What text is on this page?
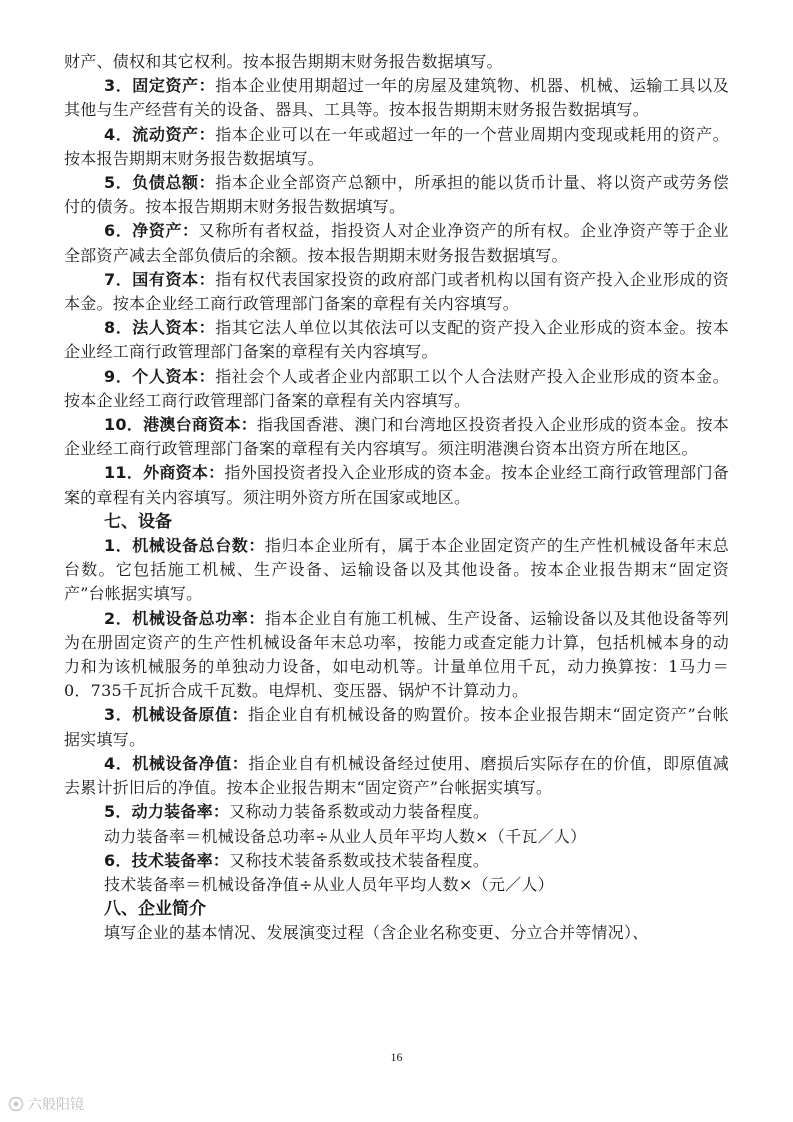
财产、债权和其它权利。按本报告期期末财务报告数据填写。

3．固定资产：指本企业使用期超过一年的房屋及建筑物、机器、机械、运输工具以及其他与生产经营有关的设备、器具、工具等。按本报告期期末财务报告数据填写。

4．流动资产：指本企业可以在一年或超过一年的一个营业周期内变现或耗用的资产。按本报告期期末财务报告数据填写。

5．负债总额：指本企业全部资产总额中，所承担的能以货币计量、将以资产或劳务偿付的债务。按本报告期期末财务报告数据填写。

6．净资产：又称所有者权益，指投资人对企业净资产的所有权。企业净资产等于企业全部资产减去全部负债后的余额。按本报告期期末财务报告数据填写。

7．国有资本：指有权代表国家投资的政府部门或者机构以国有资产投入企业形成的资本金。按本企业经工商行政管理部门备案的章程有关内容填写。

8．法人资本：指其它法人单位以其依法可以支配的资产投入企业形成的资本金。按本企业经工商行政管理部门备案的章程有关内容填写。

9．个人资本：指社会个人或者企业内部职工以个人合法财产投入企业形成的资本金。按本企业经工商行政管理部门备案的章程有关内容填写。

10．港澳台商资本：指我国香港、澳门和台湾地区投资者投入企业形成的资本金。按本企业经工商行政管理部门备案的章程有关内容填写。须注明港澳台资本出资方所在地区。

11．外商资本：指外国投资者投入企业形成的资本金。按本企业经工商行政管理部门备案的章程有关内容填写。须注明外资方所在国家或地区。

七、设备

1．机械设备总台数：指归本企业所有，属于本企业固定资产的生产性机械设备年末总台数。它包括施工机械、生产设备、运输设备以及其他设备。按本企业报告期末“固定资产”台帐据实填写。

2．机械设备总功率：指本企业自有施工机械、生产设备、运输设备以及其他设备等列为在册固定资产的生产性机械设备年末总功率，按能力或查定能力计算，包括机械本身的动力和为该机械服务的单独动力设备，如电动机等。计量单位用千瓦，动力换算按：1马力＝0．735千瓦折合成千瓦数。电焊机、变压器、锅炉不计算动力。

3．机械设备原值：指企业自有机械设备的购置价。按本企业报告期末“固定资产”台帐据实填写。

4．机械设备净值：指企业自有机械设备经过使用、磨损后实际存在的价值，即原值减去累计折旧后的净值。按本企业报告期末“固定资产”台帐据实填写。

5．动力装备率：又称动力装备系数或动力装备程度。

动力装备率＝机械设备总功率÷从业人员年平均人数×（千瓦／人）

6．技术装备率：又称技术装备系数或技术装备程度。

技术装备率＝机械设备净值÷从业人员年平均人数×（元／人）

八、企业简介

填写企业的基本情况、发展演变过程（含企业名称变更、分立合并等情况）、

16
六般阳镜
